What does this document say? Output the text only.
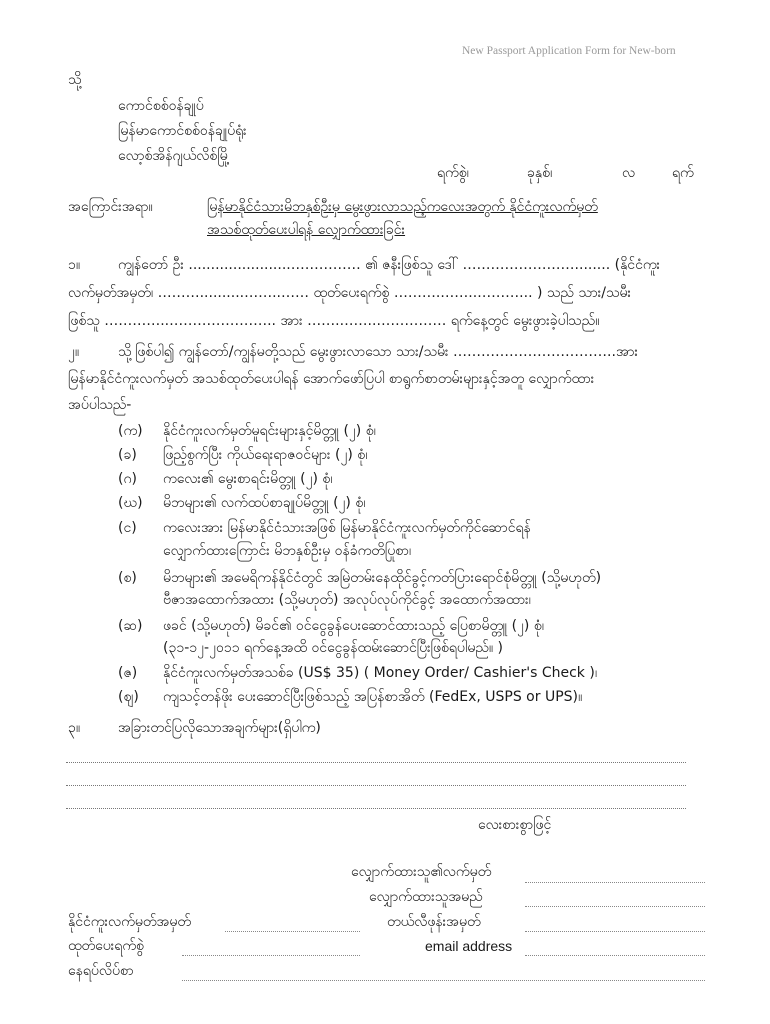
New Passport Application Form for New-born
သို့
ကောင်စစ်ဝန်ချုပ်
မြန်မာကောင်စစ်ဝန်ချုပ်ရုံး
လော့စ်အိန်ဂျယ်လိစ်မြို့
ရက်စွဲ၊	ခုနှစ်၊	လ	ရက်
အကြောင်းအရာ။	မြန်မာနိုင်ငံသားမိဘနှစ်ဦးမှ မွေးဖွားလာသည့်ကလေးအတွက် နိုင်ငံကူးလက်မှတ်
အသစ်ထုတ်ပေးပါရန် လျှောက်ထားခြင်း
၁။	ကျွန်တော် ဦး .......................…………… ၏ ဇနီးဖြစ်သူ ဒေါ် ……………………........ (နိုင်ငံကူး
လက်မှတ်အမှတ်၊ ………..........……..…… ထုတ်ပေးရက်စွဲ ……….……..………... ) သည် သား/သမီး
ဖြစ်သူ …………..………………….. အား …….……..…………… ရက်နေ့တွင် မွေးဖွားခဲ့ပါသည်။
၂။	သို့ဖြစ်ပါ၍ ကျွန်တော်/ကျွန်မတို့သည် မွေးဖွားလာသော သား/သမီး ……………………………..အား
မြန်မာနိုင်ငံကူးလက်မှတ် အသစ်ထုတ်ပေးပါရန် အောက်ဖော်ပြပါ စာရွက်စာတမ်းများနှင့်အတူ လျှောက်ထား
အပ်ပါသည်-
(က) နိုင်ငံကူးလက်မှတ်မူရင်းများနှင့်မိတ္တူ (၂) စုံ၊
(ခ) ဖြည့်စွက်ပြီး ကိုယ်ရေးရာဇဝင်များ (၂) စုံ၊
(ဂ) ကလေး၏ မွေးစာရင်းမိတ္တူ (၂) စုံ၊
(ဃ) မိဘများ၏ လက်ထပ်စာချုပ်မိတ္တူ (၂) စုံ၊
(င) ကလေးအား မြန်မာနိုင်ငံသားအဖြစ် မြန်မာနိုင်ငံကူးလက်မှတ်ကိုင်ဆောင်ရန်
လျှောက်ထားကြောင်း မိဘနှစ်ဦးမှ ဝန်ခံကတိပြုစာ၊
(စ) မိဘများ၏ အမေရိကန်နိုင်ငံတွင် အမြဲတမ်းနေထိုင်ခွင့်ကတ်ပြားရောင်စုံမိတ္တူ (သို့မဟုတ်)
ဗီဇာအထောက်အထား (သို့မဟုတ်) အလုပ်လုပ်ကိုင်ခွင့် အထောက်အထား၊
(ဆ) ဖခင် (သို့မဟုတ်) မိခင်၏ ဝင်ငွေခွန်ပေးဆောင်ထားသည့် ပြေစာမိတ္တူ (၂) စုံ၊
(၃၁-၁၂-၂၀၁၁ ရက်နေ့အထိ ဝင်ငွေခွန်ထမ်းဆောင်ပြီးဖြစ်ရပါမည်။ )
(ဇ) နိုင်ငံကူးလက်မှတ်အသစ်ခ (US$ 35) ( Money Order/ Cashier's Check )၊
(ဈ) ကျသင့်တန်ဖိုး ပေးဆောင်ပြီးဖြစ်သည့် အပြန်စာအိတ် (FedEx, USPS or UPS)။
၃။	အခြားတင်ပြလိုသောအချက်များ(ရှိပါက)
လေးစားစွာဖြင့်
လျှောက်ထားသူ၏လက်မှတ်
လျှောက်ထားသူအမည်
နိုင်ငံကူးလက်မှတ်အမှတ်	တယ်လီဖုန်းအမှတ်
ထုတ်ပေးရက်စွဲ	email address
နေရပ်လိပ်စာ
